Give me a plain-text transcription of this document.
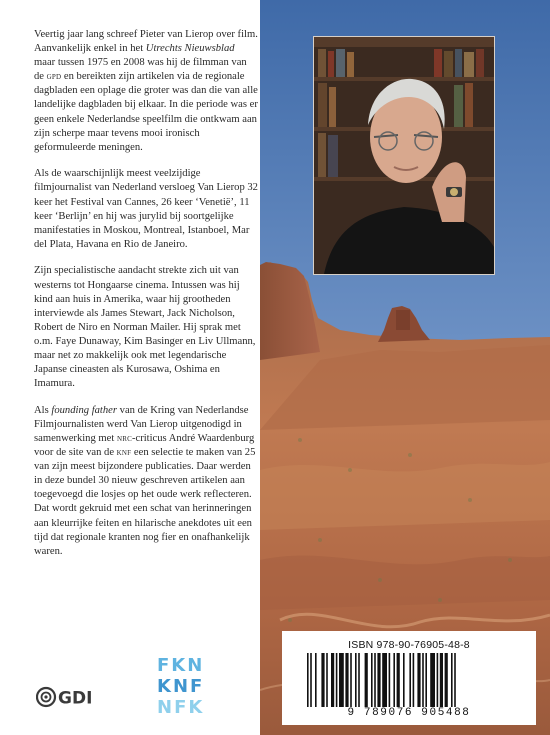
Veertig jaar lang schreef Pieter van Lierop over film. Aanvankelijk enkel in het Utrechts Nieuwsblad maar tussen 1975 en 2008 was hij de filmman van de gpd en bereikten zijn artikelen via de regionale dagbladen een oplage die groter was dan die van alle landelijke dagbladen bij elkaar. In die periode was er geen enkele Nederlandse speelfilm die ontkwam aan zijn scherpe maar tevens mooi ironisch geformuleerde meningen.

Als de waarschijnlijk meest veelzijdige filmjournalist van Nederland versloeg Van Lierop 32 keer het Festival van Cannes, 26 keer ‘Venetië’, 11 keer ‘Berlijn’ en hij was jurylid bij soortgelijke manifestaties in Moskou, Montreal, Istanboel, Mar del Plata, Havana en Rio de Janeiro.

Zijn specialistische aandacht strekte zich uit van westerns tot Hongaarse cinema. Intussen was hij kind aan huis in Amerika, waar hij grootheden interviewde als James Stewart, Jack Nicholson, Robert de Niro en Norman Mailer. Hij sprak met o.m. Faye Dunaway, Kim Basinger en Liv Ullmann, maar net zo makkelijk ook met legendarische Japanse cineasten als Kurosawa, Oshima en Imamura.

Als founding father van de Kring van Nederlandse Filmjournalisten werd Van Lierop uitgenodigd in samenwerking met nrc-criticus André Waardenburg voor de site van de knf een selectie te maken van 25 van zijn meest bijzondere publicaties. Daar werden in deze bundel 30 nieuw geschreven artikelen aan toegevoegd die losjes op het oude werk reflecteren. Dat wordt gekruid met een schat van herinneringen aan kleurrijke feiten en hilarische anekdotes uit een tijd dat regionale kranten nog fier en onafhankelijk waren.

GDI
FKN
KNF
NFK
ISBN 978-90-76905-48-8
9 789076 905488
